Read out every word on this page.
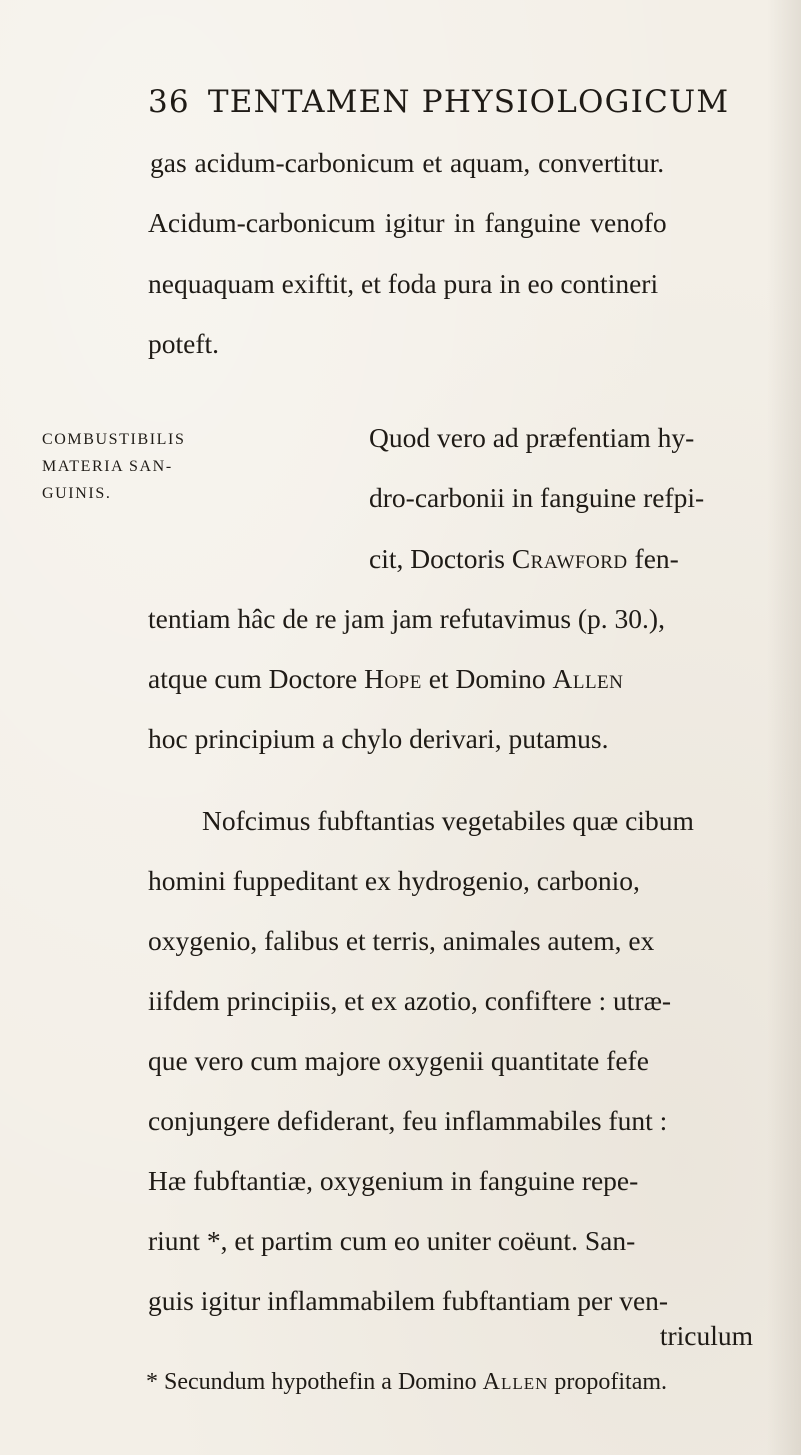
36 TENTAMEN PHYSIOLOGICUM
gas acidum-carbonicum et aquam, convertitur.
Acidum-carbonicum igitur in fanguine venofo
nequaquam exiftit, et foda pura in eo contineri
poteft.
COMBUSTIBILIS
MATERIA SAN-
GUINIS.
Quod vero ad præfentiam hy-
dro-carbonii in fanguine refpi-
cit, Doctoris Crawford fen-
tentiam hâc de re jam jam refutavimus (p. 30.),
atque cum Doctore Hope et Domino Allen
hoc principium a chylo derivari, putamus.
Nofcimus fubftantias vegetabiles quæ cibum
homini fuppeditant ex hydrogenio, carbonio,
oxygenio, falibus et terris, animales autem, ex
iifdem principiis, et ex azotio, confiftere : utræ-
que vero cum majore oxygenii quantitate fefe
conjungere defiderant, feu inflammabiles funt :
Hæ fubftantiæ, oxygenium in fanguine repe-
riunt *, et partim cum eo uniter coëunt. San-
guis igitur inflammabilem fubftantiam per ven-
triculum
* Secundum hypothefin a Domino Allen propofitam.
